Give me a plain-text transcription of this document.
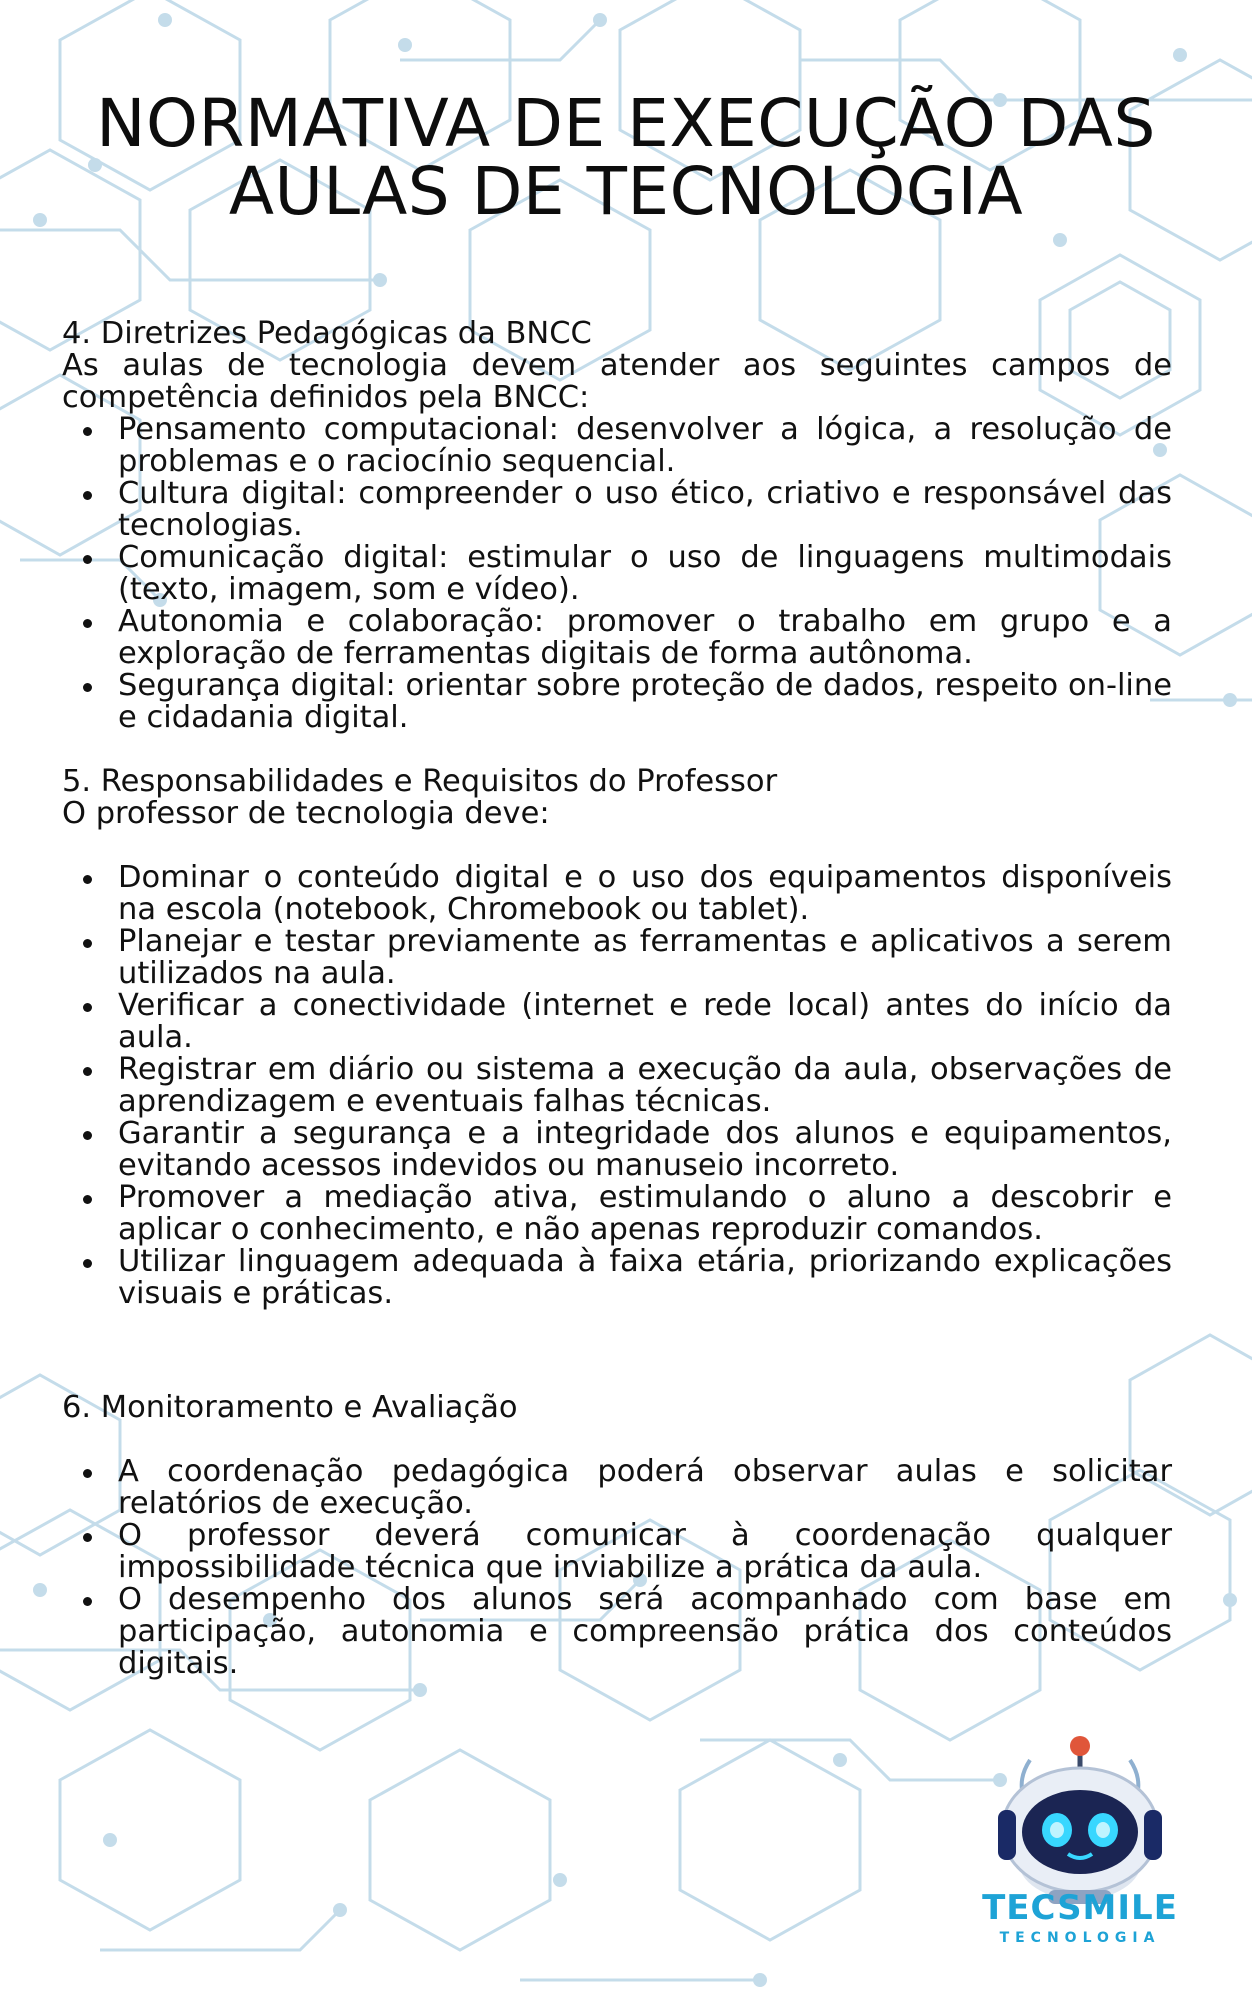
NORMATIVA DE EXECUÇÃO DAS
AULAS DE TECNOLOGIA
4. Diretrizes Pedagógicas da BNCC

As aulas de tecnologia devem atender aos seguintes campos de competência definidos pela BNCC:

Pensamento computacional: desenvolver a lógica, a resolução de problemas e o raciocínio sequencial.
Cultura digital: compreender o uso ético, criativo e responsável das tecnologias.
Comunicação digital: estimular o uso de linguagens multimodais (texto, imagem, som e vídeo).
Autonomia e colaboração: promover o trabalho em grupo e a exploração de ferramentas digitais de forma autônoma.
Segurança digital: orientar sobre proteção de dados, respeito on-line e cidadania digital.
5. Responsabilidades e Requisitos do Professor

O professor de tecnologia deve:

Dominar o conteúdo digital e o uso dos equipamentos disponíveis na escola (notebook, Chromebook ou tablet).
Planejar e testar previamente as ferramentas e aplicativos a serem utilizados na aula.
Verificar a conectividade (internet e rede local) antes do início da aula.
Registrar em diário ou sistema a execução da aula, observações de aprendizagem e eventuais falhas técnicas.
Garantir a segurança e a integridade dos alunos e equipamentos, evitando acessos indevidos ou manuseio incorreto.
Promover a mediação ativa, estimulando o aluno a descobrir e aplicar o conhecimento, e não apenas reproduzir comandos.
Utilizar linguagem adequada à faixa etária, priorizando explicações visuais e práticas.
6. Monitoramento e Avaliação
A coordenação pedagógica poderá observar aulas e solicitar relatórios de execução.
O professor deverá comunicar à coordenação qualquer impossibilidade técnica que inviabilize a prática da aula.
O desempenho dos alunos será acompanhado com base em participação, autonomia e compreensão prática dos conteúdos digitais.
TECSMILE
TECNOLOGIA
